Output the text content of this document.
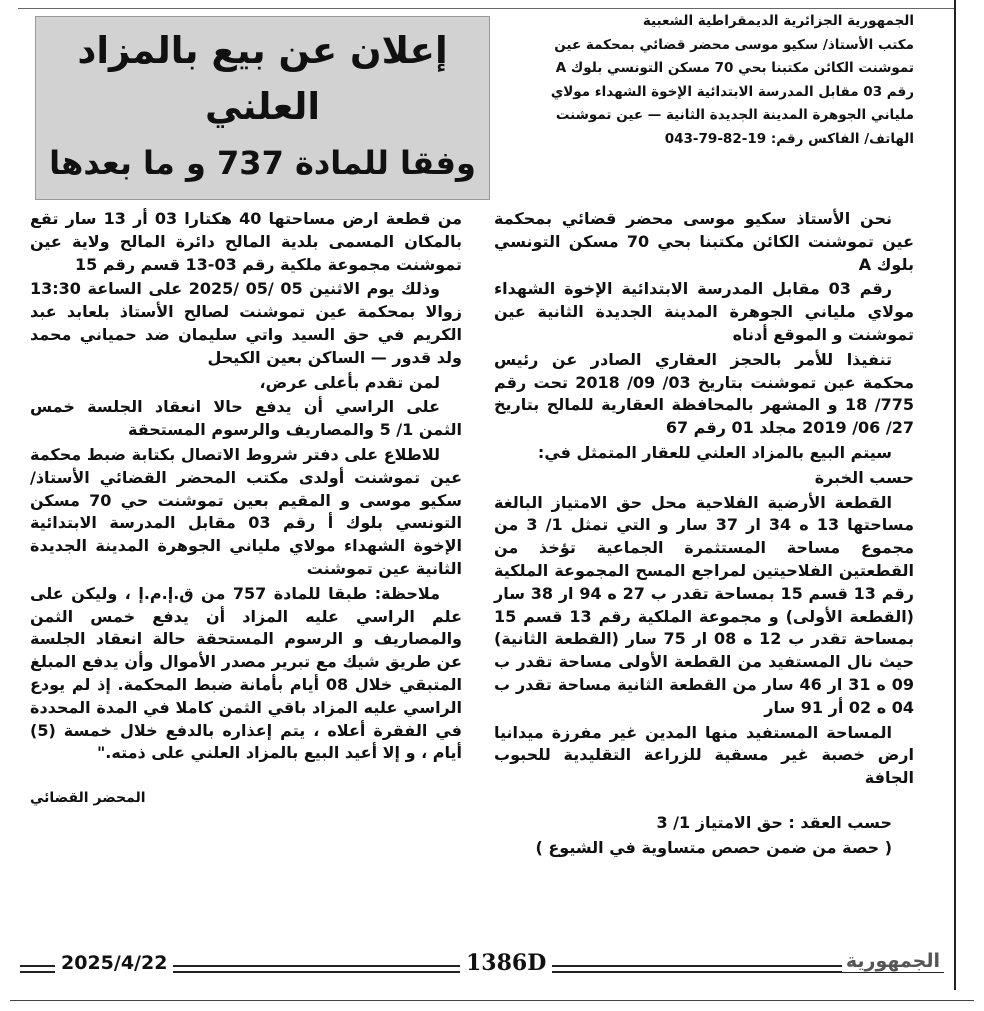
الجمهورية الجزائرية الديمقراطية الشعبية
مكتب الأستاذ/ سكيو موسى محضر قضائي بمحكمة عين
تموشنت الكائن مكتبنا بحي 70 مسكن التونسي بلوك A
رقم 03 مقابل المدرسة الابتدائية الإخوة الشهداء مولاي
ملياني الجوهرة المدينة الجديدة الثانية — عين تموشنت
الهاتف/ الفاكس رقم: 19-82-79-043
إعلان عن بيع بالمزاد العلني
وفقا للمادة 737 و ما بعدها

نحن الأستاذ سكيو موسى محضر قضائي بمحكمة عين تموشنت الكائن مكتبنا بحي 70 مسكن التونسي بلوك A

رقم 03 مقابل المدرسة الابتدائية الإخوة الشهداء مولاي ملياني الجوهرة المدينة الجديدة الثانية عين تموشنت و الموقع أدناه

تنفيذا للأمر بالحجز العقاري الصادر عن رئيس محكمة عين تموشنت بتاريخ 03/ 09/ 2018 تحت رقم 775/ 18 و المشهر بالمحافظة العقارية للمالح بتاريخ 27/ 06/ 2019 مجلد 01 رقم 67

سيتم البيع بالمزاد العلني للعقار المتمثل في:

حسب الخبرة

القطعة الأرضية الفلاحية محل حق الامتياز البالغة مساحتها 13 ه 34 ار 37 سار و التي تمثل 1/ 3 من مجموع مساحة المستثمرة الجماعية تؤخذ من القطعتين الفلاحيتين لمراجع المسح المجموعة الملكية رقم 13 قسم 15 بمساحة تقدر ب 27 ه 94 ار 38 سار (القطعة الأولى) و مجموعة الملكية رقم 13 قسم 15 بمساحة تقدر ب 12 ه 08 ار 75 سار (القطعة الثانية) حيث نال المستفيد من القطعة الأولى مساحة تقدر ب 09 ه 31 ار 46 سار من القطعة الثانية مساحة تقدر ب 04 ه 02 أر 91 سار

المساحة المستفيد منها المدين غير مفرزة ميدانيا ارض خصبة غير مسقية للزراعة التقليدية للحبوب الجافة

حسب العقد : حق الامتياز 1/ 3

( حصة من ضمن حصص متساوية في الشيوع )

من قطعة ارض مساحتها 40 هكتارا 03 أر 13 سار تقع بالمكان المسمى بلدية المالح دائرة المالح ولاية عين تموشنت مجموعة ملكية رقم 03-13 قسم رقم 15

وذلك يوم الاثنين 05 /05 /2025 على الساعة 13:30 زوالا بمحكمة عين تموشنت لصالح الأستاذ بلعابد عبد الكريم في حق السيد واتي سليمان ضد حمياني محمد ولد قدور — الساكن بعين الكيحل

لمن تقدم بأعلى عرض،

على الراسي أن يدفع حالا انعقاد الجلسة خمس الثمن 1/ 5 والمصاريف والرسوم المستحقة

للاطلاع على دفتر شروط الاتصال بكتابة ضبط محكمة عين تموشنت أولدى مكتب المحضر القضائي الأستاذ/ سكيو موسى و المقيم بعين تموشنت حي 70 مسكن التونسي بلوك أ رقم 03 مقابل المدرسة الابتدائية الإخوة الشهداء مولاي ملياني الجوهرة المدينة الجديدة الثانية عين تموشنت

ملاحظة: طبقا للمادة 757 من ق.إ.م.إ ، وليكن على علم الراسي عليه المزاد أن يدفع خمس الثمن والمصاريف و الرسوم المستحقة حالة انعقاد الجلسة عن طريق شيك مع تبرير مصدر الأموال وأن يدفع المبلغ المتبقي خلال 08 أيام بأمانة ضبط المحكمة. إذ لم يودع الراسي عليه المزاد باقي الثمن كاملا في المدة المحددة في الفقرة أعلاه ، يتم إعذاره بالدفع خلال خمسة (5) أيام ، و إلا أعيد البيع بالمزاد العلني على ذمته."

المحضر القضائي
2025/4/22	1386D	الجمهورية
